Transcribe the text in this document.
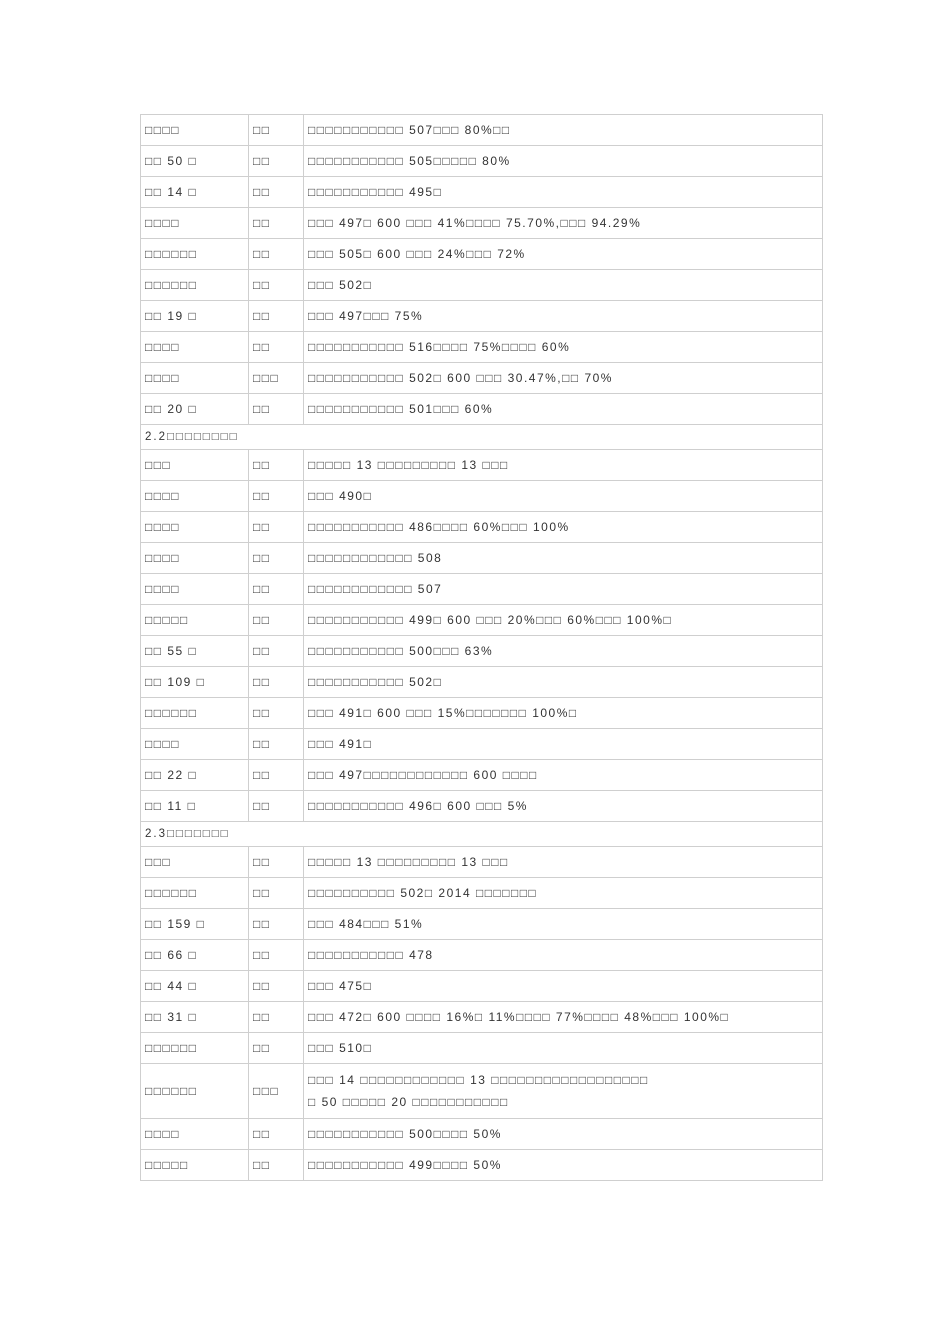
□□□□	□□	□□□□□□□□□□□ 507□□□ 80%□□
□□ 50 □	□□	□□□□□□□□□□□ 505□□□□□ 80%
□□ 14 □	□□	□□□□□□□□□□□ 495□
□□□□	□□	□□□ 497□ 600 □□□ 41%□□□□ 75.70%,□□□ 94.29%
□□□□□□	□□	□□□ 505□ 600 □□□ 24%□□□ 72%
□□□□□□	□□	□□□ 502□
□□ 19 □	□□	□□□ 497□□□ 75%
□□□□	□□	□□□□□□□□□□□ 516□□□□ 75%□□□□ 60%
□□□□	□□□	□□□□□□□□□□□ 502□ 600 □□□ 30.47%,□□ 70%
□□ 20 □	□□	□□□□□□□□□□□ 501□□□ 60%
2.2□□□□□□□□		
□□□	□□	□□□□□ 13 □□□□□□□□□ 13 □□□
□□□□	□□	□□□ 490□
□□□□	□□	□□□□□□□□□□□ 486□□□□ 60%□□□ 100%
□□□□	□□	□□□□□□□□□□□□ 508
□□□□	□□	□□□□□□□□□□□□ 507
□□□□□	□□	□□□□□□□□□□□ 499□ 600 □□□ 20%□□□ 60%□□□ 100%□
□□ 55 □	□□	□□□□□□□□□□□ 500□□□ 63%
□□ 109 □	□□	□□□□□□□□□□□ 502□
□□□□□□	□□	□□□ 491□ 600 □□□ 15%□□□□□□□ 100%□
□□□□	□□	□□□ 491□
□□ 22 □	□□	□□□ 497□□□□□□□□□□□□ 600 □□□□
□□ 11 □	□□	□□□□□□□□□□□ 496□ 600 □□□ 5%
2.3□□□□□□□		
□□□	□□	□□□□□ 13 □□□□□□□□□ 13 □□□
□□□□□□	□□	□□□□□□□□□□ 502□ 2014 □□□□□□□
□□ 159 □	□□	□□□ 484□□□ 51%
□□ 66 □	□□	□□□□□□□□□□□ 478
□□ 44 □	□□	□□□ 475□
□□ 31 □	□□	□□□ 472□ 600 □□□□ 16%□ 11%□□□□ 77%□□□□ 48%□□□ 100%□
□□□□□□	□□	□□□ 510□
□□□□□□	□□□	□□□ 14 □□□□□□□□□□□□ 13 □□□□□□□□□□□□□□□□□□
□ 50 □□□□□ 20 □□□□□□□□□□□

□□□□	□□	□□□□□□□□□□□ 500□□□□ 50%
□□□□□	□□	□□□□□□□□□□□ 499□□□□ 50%
